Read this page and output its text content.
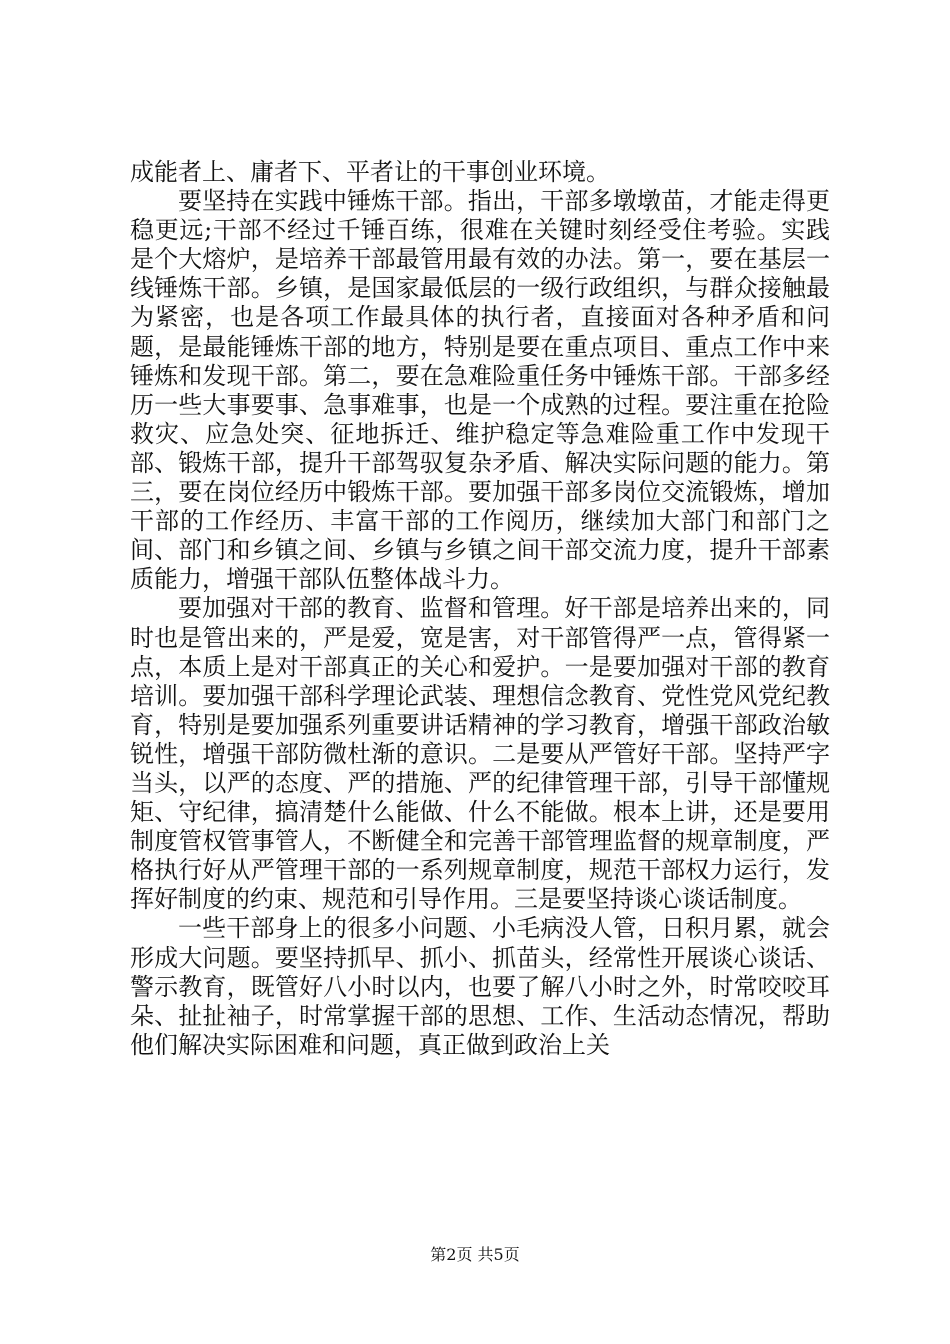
成能者上、庸者下、平者让的干事创业环境。

要坚持在实践中锤炼干部。指出，干部多墩墩苗，才能走得更稳更远;干部不经过千锤百练，很难在关键时刻经受住考验。实践是个大熔炉，是培养干部最管用最有效的办法。第一，要在基层一线锤炼干部。乡镇，是国家最低层的一级行政组织，与群众接触最为紧密，也是各项工作最具体的执行者，直接面对各种矛盾和问题，是最能锤炼干部的地方，特别是要在重点项目、重点工作中来锤炼和发现干部。第二，要在急难险重任务中锤炼干部。干部多经历一些大事要事、急事难事，也是一个成熟的过程。要注重在抢险救灾、应急处突、征地拆迁、维护稳定等急难险重工作中发现干部、锻炼干部，提升干部驾驭复杂矛盾、解决实际问题的能力。第三，要在岗位经历中锻炼干部。要加强干部多岗位交流锻炼，增加干部的工作经历、丰富干部的工作阅历，继续加大部门和部门之间、部门和乡镇之间、乡镇与乡镇之间干部交流力度，提升干部素质能力，增强干部队伍整体战斗力。

要加强对干部的教育、监督和管理。好干部是培养出来的，同时也是管出来的，严是爱，宽是害，对干部管得严一点，管得紧一点，本质上是对干部真正的关心和爱护。一是要加强对干部的教育培训。要加强干部科学理论武装、理想信念教育、党性党风党纪教育，特别是要加强系列重要讲话精神的学习教育，增强干部政治敏锐性，增强干部防微杜渐的意识。二是要从严管好干部。坚持严字当头，以严的态度、严的措施、严的纪律管理干部，引导干部懂规矩、守纪律，搞清楚什么能做、什么不能做。根本上讲，还是要用制度管权管事管人，不断健全和完善干部管理监督的规章制度，严格执行好从严管理干部的一系列规章制度，规范干部权力运行，发挥好制度的约束、规范和引导作用。三是要坚持谈心谈话制度。

一些干部身上的很多小问题、小毛病没人管，日积月累，就会形成大问题。要坚持抓早、抓小、抓苗头，经常性开展谈心谈话、警示教育，既管好八小时以内，也要了解八小时之外，时常咬咬耳朵、扯扯袖子，时常掌握干部的思想、工作、生活动态情况，帮助他们解决实际困难和问题，真正做到政治上关

第2页 共5页
